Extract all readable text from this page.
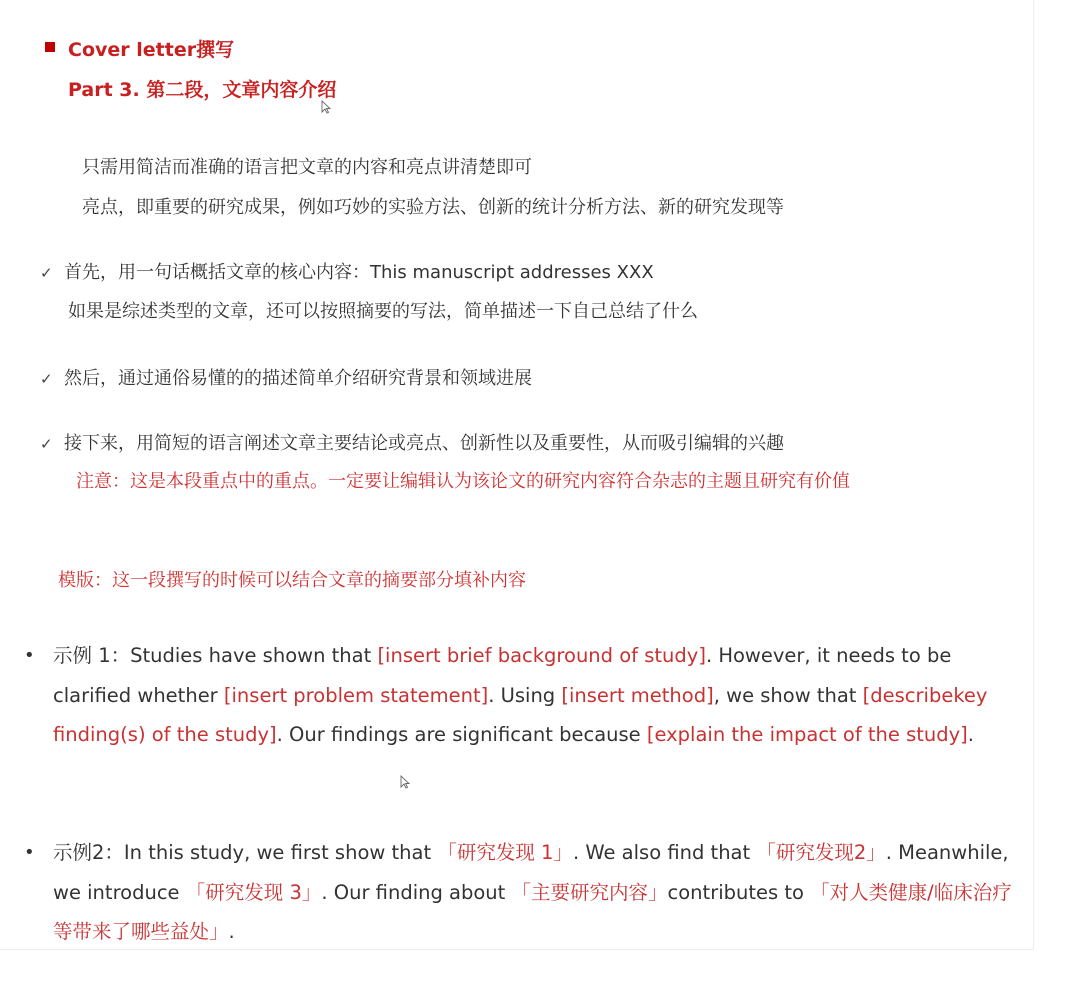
Cover letter撰写
Part 3. 第二段，文章内容介绍
只需用简洁而准确的语言把文章的内容和亮点讲清楚即可
亮点，即重要的研究成果，例如巧妙的实验方法、创新的统计分析方法、新的研究发现等
✓ 首先，用一句话概括文章的核心内容：This manuscript addresses XXX
如果是综述类型的文章，还可以按照摘要的写法，简单描述一下自己总结了什么
✓ 然后，通过通俗易懂的的描述简单介绍研究背景和领域进展
✓ 接下来，用简短的语言阐述文章主要结论或亮点、创新性以及重要性，从而吸引编辑的兴趣
注意：这是本段重点中的重点。一定要让编辑认为该论文的研究内容符合杂志的主题且研究有价值
模版：这一段撰写的时候可以结合文章的摘要部分填补内容
• 示例 1：Studies have shown that [insert brief background of study]. However, it needs to be clarified whether [insert problem statement]. Using [insert method], we show that [describekey finding(s) of the study]. Our findings are significant because [explain the impact of the study].
• 示例2：In this study, we first show that 「研究发现 1」. We also find that 「研究发现2」. Meanwhile, we introduce 「研究发现 3」. Our finding about 「主要研究内容」contributes to 「对人类健康/临床治疗等带来了哪些益处」.
